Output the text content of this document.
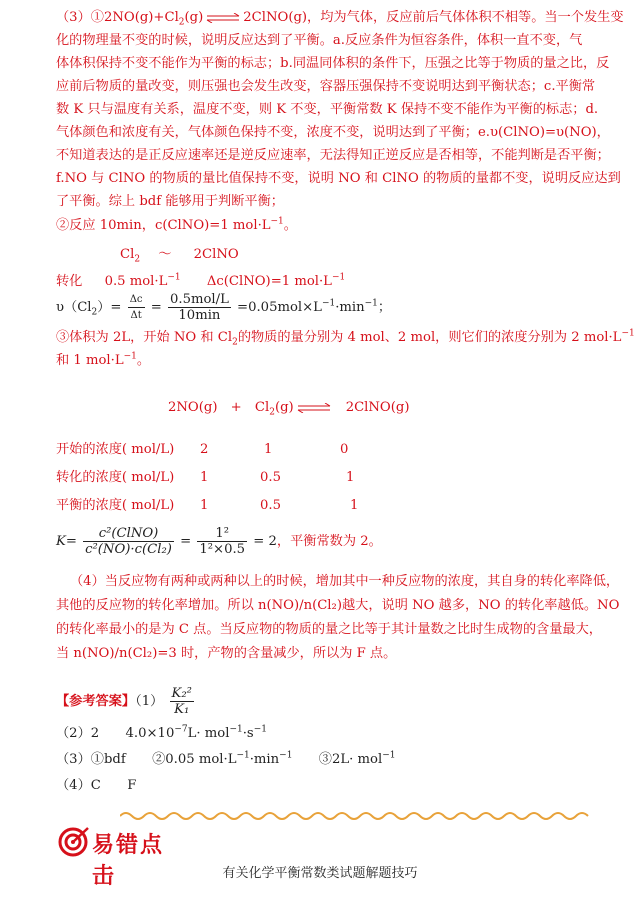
$(3)①2NO(g)+Cl_2(g)$ ⇌ 2ClNO(g)，均为气体，反应前后气体体积不相等。当一个发生变
化的物理量不变的时候，说明反应达到了平衡。a.反应条件为恒容条件，体积一直不变，气
体体积保持不变不能作为平衡的标志；b.同温同体积的条件下，压强之比等于物质的量之比，反
应前后物质的量改变，则压强也会发生改变，容器压强保持不变说明达到平衡状态；c.平衡常
数 K 只与温度有关系，温度不变，则 K 不变，平衡常数 K 保持不变不能作为平衡的标志；d.
气体颜色和浓度有关，气体颜色保持不变，浓度不变，说明达到了平衡；e.υ(ClNO)=υ(NO)，
不知道表达的是正反应速率还是逆反应速率，无法得知正逆反应是否相等，不能判断是否平衡；
f.NO 与 ClNO 的物质的量比值保持不变，说明 NO 和 ClNO 的物质的量都不变，说明反应达到
了平衡。综上 bdf 能够用于判断平衡；
②反应 10min，c(ClNO)=1 $mol\cdot L^{-1}$。
$Cl_2$ ～ 2ClNO
转化 0.5 $mol\cdot L^{-1}$ Δc(ClNO)=1 $mol\cdot L^{-1}$
$\upsilon(Cl_2)= \frac{\Delta c}{\Delta t} = \frac{\text{0.5mol/L}}{10\min} =0.05mol\times L^{-1}\cdot\min^{-1}$；
③体积为 2L，开始 NO 和 $Cl_2$的物质的量分别为 4 mol、2 mol，则它们的浓度分别为 2 $mol\cdot L^{-1}$
和 1 $mol\cdot L^{-1}$。
2NO(g)　+　$Cl_2(g)$ ⇌ 2ClNO(g)
开始的浓度( mol/L) 2	1	0
转化的浓度( mol/L) 1	0.5	1
平衡的浓度( mol/L) 1	0.5	1
$K= \frac{\text{c²(ClNO)}}{\text{c²(NO)·c(Cl₂)}} = \frac{\text{1²}}{\text{1²×0.5}} = 2$，平衡常数为 2。
（4）当反应物有两种或两种以上的时候，增加其中一种反应物的浓度，其自身的转化率降低，
其他的反应物的转化率增加。所以 n(NO)/n(Cl₂)越大，说明 NO 越多，NO 的转化率越低。NO
的转化率最小的是为 C 点。当反应物的物质的量之比等于其计量数之比时生成物的含量最大，
当 n(NO)/n(Cl₂)=3 时，产物的含量减少，所以为 F 点。
【参考答案】$(1) \frac{\text{K₂²}}{\text{K₁}}$
（2）2　　$4.0\times 10^{-7}L\cdot mol^{-1}\cdot s^{-1}$
（3）①bdf　　②0.05 $mol\cdot L^{-1}\cdot\min^{-1}$　　③2L· mol$^{-1}$
（4）C　　F
易错点击	有关化学平衡常数类试题解题技巧
